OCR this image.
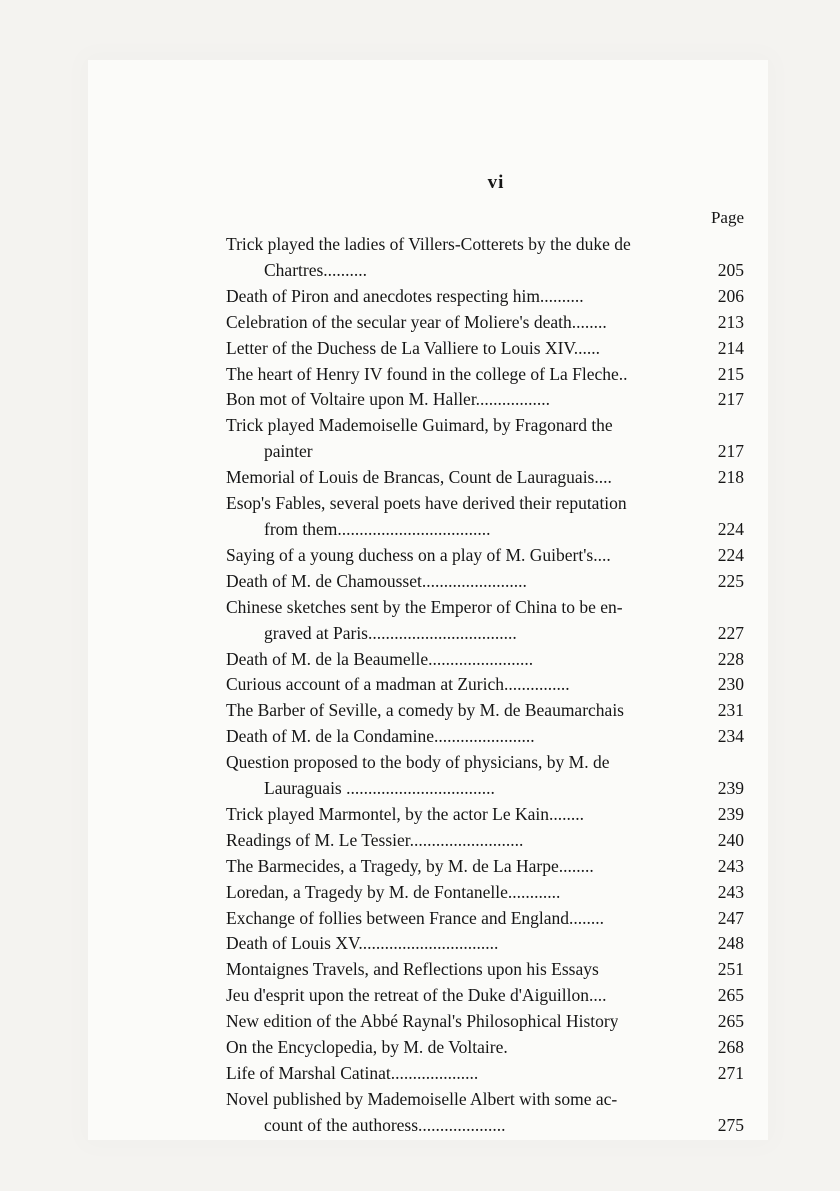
vi
Page
Trick played the ladies of Villers-Cotterets by the duke de
Chartres..........	205
Death of Piron and anecdotes respecting him..........	206
Celebration of the secular year of Moliere's death........	213
Letter of the Duchess de La Valliere to Louis XIV......	214
The heart of Henry IV found in the college of La Fleche..	215
Bon mot of Voltaire upon M. Haller.................	217
Trick played Mademoiselle Guimard, by Fragonard the
painter	217
Memorial of Louis de Brancas, Count de Lauraguais....	218
Esop's Fables, several poets have derived their reputation
from them...................................	224
Saying of a young duchess on a play of M. Guibert's....	224
Death of M. de Chamousset........................	225
Chinese sketches sent by the Emperor of China to be en-
graved at Paris..................................	227
Death of M. de la Beaumelle........................	228
Curious account of a madman at Zurich...............	230
The Barber of Seville, a comedy by M. de Beaumarchais	231
Death of M. de la Condamine.......................	234
Question proposed to the body of physicians, by M. de
Lauraguais ..................................	239
Trick played Marmontel, by the actor Le Kain........	239
Readings of M. Le Tessier..........................	240
The Barmecides, a Tragedy, by M. de La Harpe........	243
Loredan, a Tragedy by M. de Fontanelle............	243
Exchange of follies between France and England........	247
Death of Louis XV................................	248
Montaignes Travels, and Reflections upon his Essays	251
Jeu d'esprit upon the retreat of the Duke d'Aiguillon....	265
New edition of the Abbé Raynal's Philosophical History	265
On the Encyclopedia, by M. de Voltaire.	268
Life of Marshal Catinat....................	271
Novel published by Mademoiselle Albert with some ac-
count of the authoress....................	275
